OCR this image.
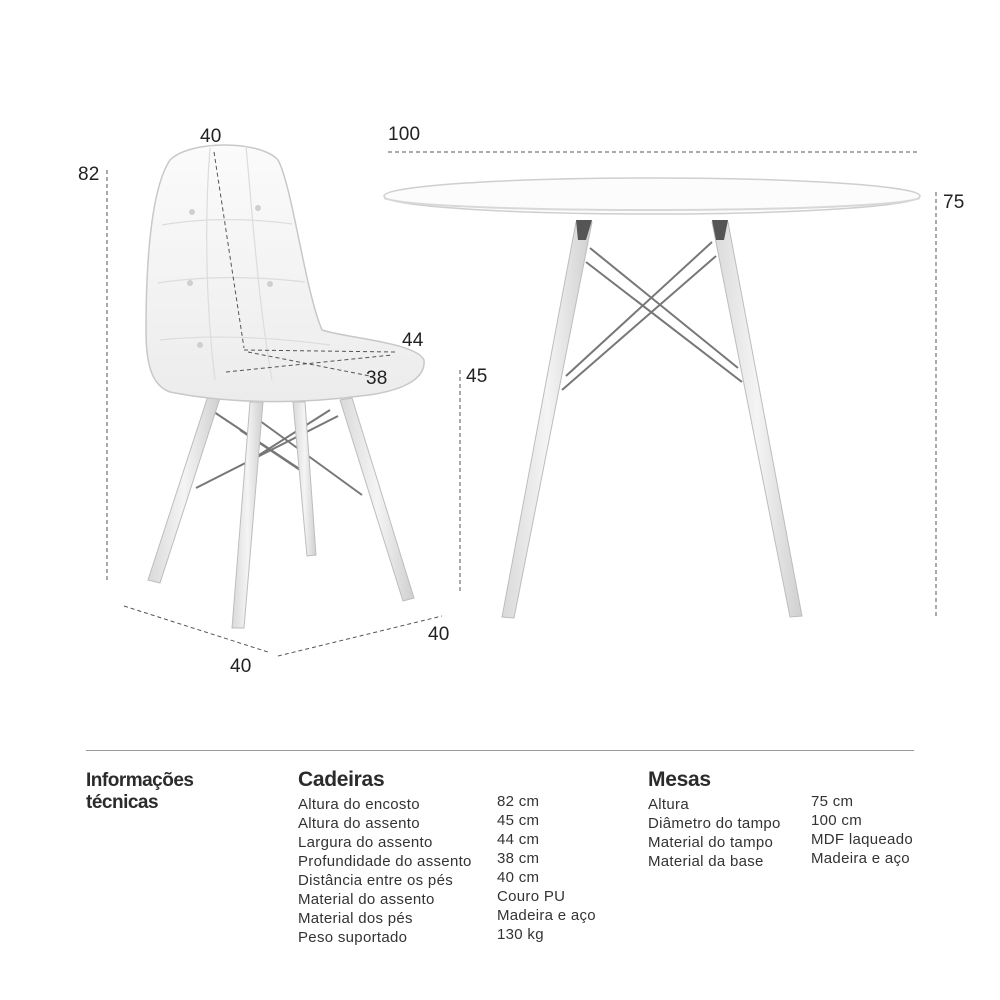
82
40
44
38	45
40
40
100
75
Informações
técnicas
Cadeiras
Altura do encosto
Altura do assento
Largura do assento
Profundidade do assento
Distância entre os pés
Material do assento
Material dos pés
Peso suportado
82 cm
45 cm
44 cm
38 cm
40 cm
Couro PU
Madeira e aço
130 kg
Mesas
Altura
Diâmetro do tampo
Material do tampo
Material da base
75 cm
100 cm
MDF laqueado
Madeira e aço
